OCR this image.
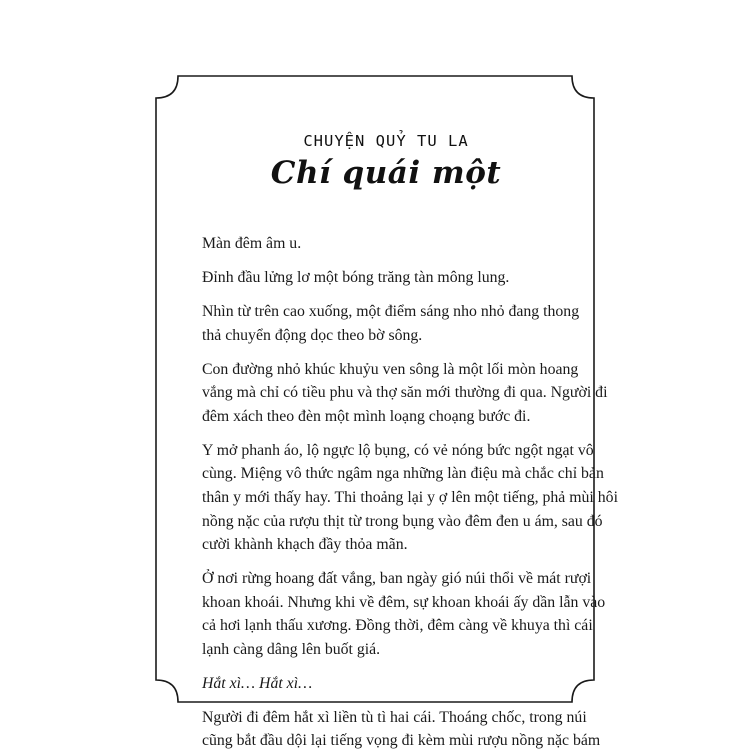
CHUYỆN QUỶ TU LA
Chí quái một

Màn đêm âm u.

Đỉnh đầu lửng lơ một bóng trăng tàn mông lung.

Nhìn từ trên cao xuống, một điểm sáng nho nhỏ đang thong
thả chuyển động dọc theo bờ sông.

Con đường nhỏ khúc khuỷu ven sông là một lối mòn hoang
vắng mà chỉ có tiều phu và thợ săn mới thường đi qua. Người đi
đêm xách theo đèn một mình loạng choạng bước đi.

Y mở phanh áo, lộ ngực lộ bụng, có vẻ nóng bức ngột ngạt vô
cùng. Miệng vô thức ngâm nga những làn điệu mà chắc chỉ bản
thân y mới thấy hay. Thi thoảng lại y ợ lên một tiếng, phả mùi hôi
nồng nặc của rượu thịt từ trong bụng vào đêm đen u ám, sau đó
cười khành khạch đầy thỏa mãn.

Ở nơi rừng hoang đất vắng, ban ngày gió núi thổi về mát rượi
khoan khoái. Nhưng khi về đêm, sự khoan khoái ấy dần lẫn vào
cả hơi lạnh thấu xương. Đồng thời, đêm càng về khuya thì cái
lạnh càng dâng lên buốt giá.

Hắt xì… Hắt xì…

Người đi đêm hắt xì liền tù tì hai cái. Thoáng chốc, trong núi
cũng bắt đầu dội lại tiếng vọng đi kèm mùi rượu nồng nặc bám
